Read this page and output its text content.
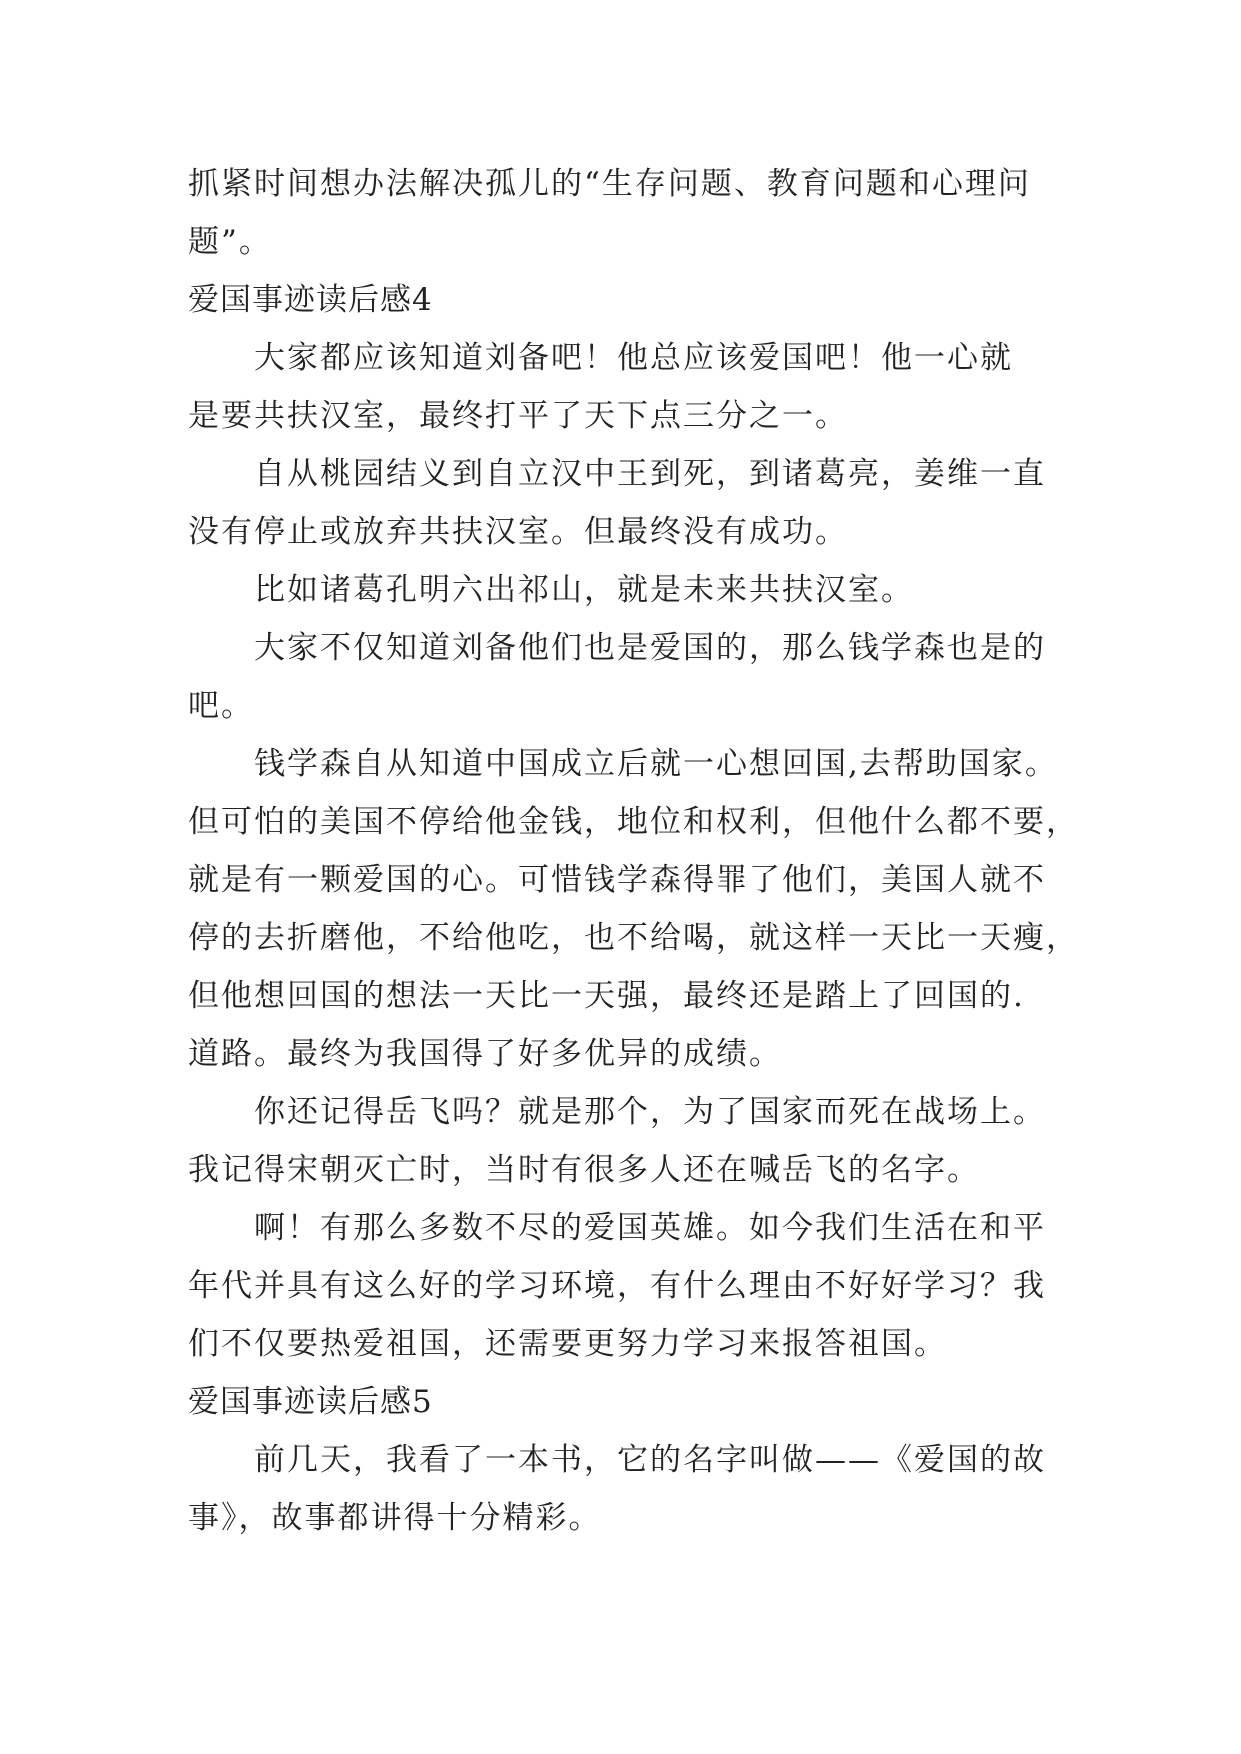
抓紧时间想办法解决孤儿的“生存问题、教育问题和心理问
题”。
爱国事迹读后感4
大家都应该知道刘备吧！他总应该爱国吧！他一心就
是要共扶汉室，最终打平了天下点三分之一。
自从桃园结义到自立汉中王到死，到诸葛亮，姜维一直
没有停止或放弃共扶汉室。但最终没有成功。
比如诸葛孔明六出祁山，就是未来共扶汉室。
大家不仅知道刘备他们也是爱国的，那么钱学森也是的
吧。
钱学森自从知道中国成立后就一心想回国,去帮助国家。
但可怕的美国不停给他金钱，地位和权利，但他什么都不要，
就是有一颗爱国的心。可惜钱学森得罪了他们，美国人就不
停的去折磨他，不给他吃，也不给喝，就这样一天比一天瘦，
但他想回国的想法一天比一天强，最终还是踏上了回国的.
道路。最终为我国得了好多优异的成绩。
你还记得岳飞吗？就是那个，为了国家而死在战场上。
我记得宋朝灭亡时，当时有很多人还在喊岳飞的名字。
啊！有那么多数不尽的爱国英雄。如今我们生活在和平
年代并具有这么好的学习环境，有什么理由不好好学习？我
们不仅要热爱祖国，还需要更努力学习来报答祖国。
爱国事迹读后感5
前几天，我看了一本书，它的名字叫做——《爱国的故
事》，故事都讲得十分精彩。
